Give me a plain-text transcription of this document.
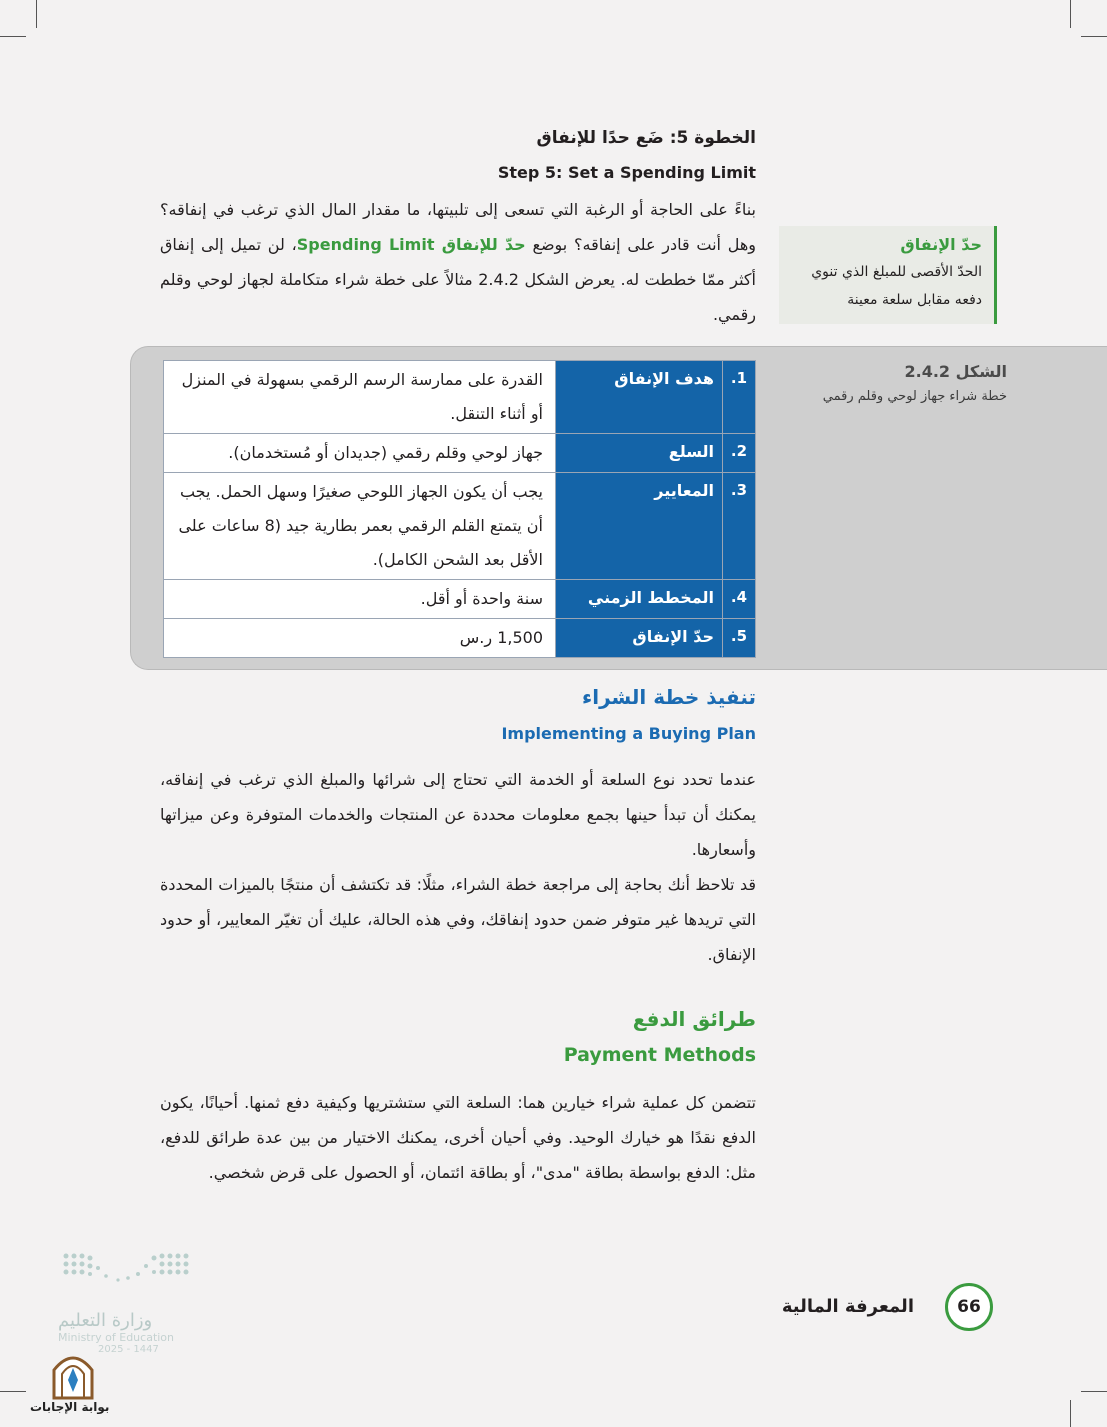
الخطوة 5: ضَع حدًا للإنفاق
Step 5: Set a Spending Limit
بناءً على الحاجة أو الرغبة التي تسعى إلى تلبيتها، ما مقدار المال الذي ترغب في إنفاقه؟ وهل أنت قادر على إنفاقه؟ بوضع حدّ للإنفاق Spending Limit، لن تميل إلى إنفاق أكثر ممّا خططت له. يعرض الشكل 2.4.2 مثالاً على خطة شراء متكاملة لجهاز لوحي وقلم رقمي.
حدّ الإنفاق
الحدّ الأقصى للمبلغ الذي تنوي دفعه مقابل سلعة معينة
الشكل 2.4.2
خطة شراء جهاز لوحي وقلم رقمي
1.	هدف الإنفاق	القدرة على ممارسة الرسم الرقمي بسهولة في المنزل أو أثناء التنقل.
2.	السلع	جهاز لوحي وقلم رقمي (جديدان أو مُستخدمان).
3.	المعايير	يجب أن يكون الجهاز اللوحي صغيرًا وسهل الحمل. يجب أن يتمتع القلم الرقمي بعمر بطارية جيد (8 ساعات على الأقل بعد الشحن الكامل).
4.	المخطط الزمني	سنة واحدة أو أقل.
5.	حدّ الإنفاق	1,500 ر.س
تنفيذ خطة الشراء
Implementing a Buying Plan
عندما تحدد نوع السلعة أو الخدمة التي تحتاج إلى شرائها والمبلغ الذي ترغب في إنفاقه، يمكنك أن تبدأ حينها بجمع معلومات محددة عن المنتجات والخدمات المتوفرة وعن ميزاتها وأسعارها.
قد تلاحظ أنك بحاجة إلى مراجعة خطة الشراء، مثلًا: قد تكتشف أن منتجًا بالميزات المحددة التي تريدها غير متوفر ضمن حدود إنفاقك، وفي هذه الحالة، عليك أن تغيّر المعايير، أو حدود الإنفاق.
طرائق الدفع
Payment Methods
تتضمن كل عملية شراء خيارين هما: السلعة التي ستشتريها وكيفية دفع ثمنها. أحيانًا، يكون الدفع نقدًا هو خيارك الوحيد. وفي أحيان أخرى، يمكنك الاختيار من بين عدة طرائق للدفع، مثل: الدفع بواسطة بطاقة "مدى"، أو بطاقة ائتمان، أو الحصول على قرض شخصي.
66
المعرفة المالية
وزارة التعليم
Ministry of Education
2025 - 1447
بوابة الإجابات
